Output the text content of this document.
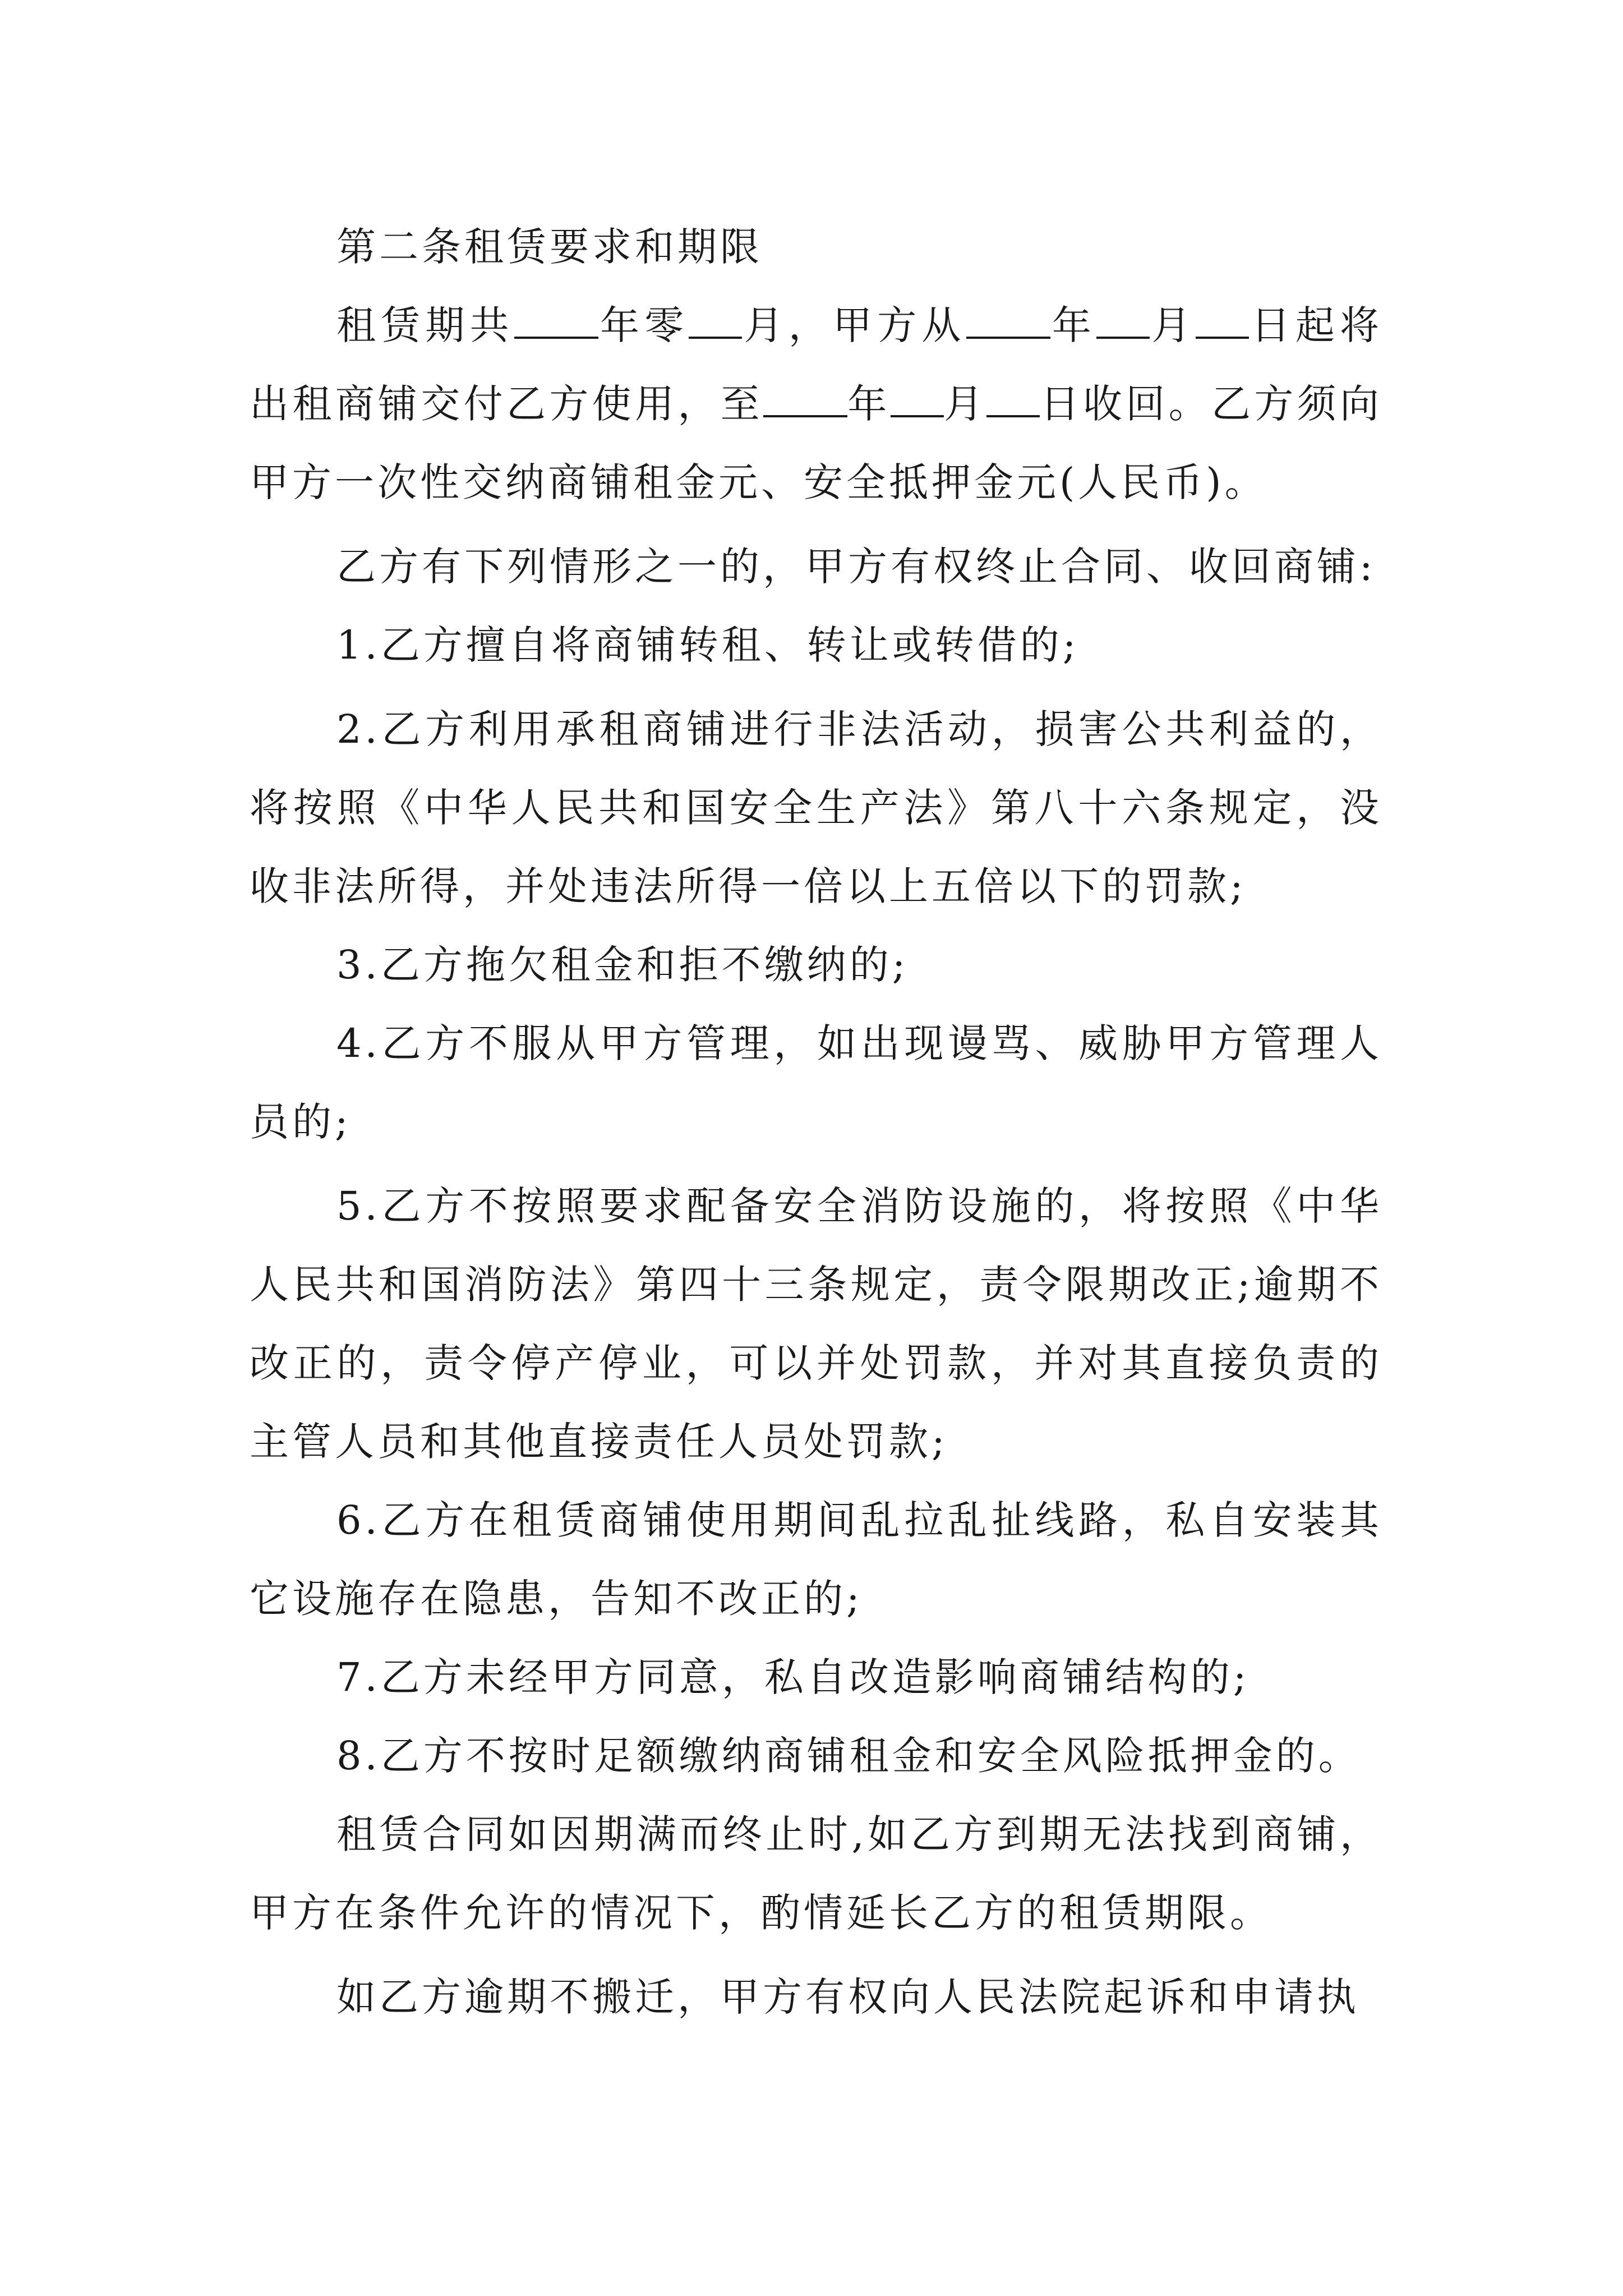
第二条租赁要求和期限

租赁期共 年零 月，甲方从 年 月 日起将出租商铺交付乙方使用，至 年 月 日收回。乙方须向甲方一次性交纳商铺租金元、安全抵押金元(人民币)。

乙方有下列情形之一的，甲方有权终止合同、收回商铺:

1.乙方擅自将商铺转租、转让或转借的;

2.乙方利用承租商铺进行非法活动，损害公共利益的，将按照《中华人民共和国安全生产法》第八十六条规定，没收非法所得，并处违法所得一倍以上五倍以下的罚款;

3.乙方拖欠租金和拒不缴纳的;

4.乙方不服从甲方管理，如出现谩骂、威胁甲方管理人员的;

5.乙方不按照要求配备安全消防设施的，将按照《中华人民共和国消防法》第四十三条规定，责令限期改正;逾期不改正的，责令停产停业，可以并处罚款，并对其直接负责的主管人员和其他直接责任人员处罚款;

6.乙方在租赁商铺使用期间乱拉乱扯线路，私自安装其它设施存在隐患，告知不改正的;

7.乙方未经甲方同意，私自改造影响商铺结构的;

8.乙方不按时足额缴纳商铺租金和安全风险抵押金的。

租赁合同如因期满而终止时,如乙方到期无法找到商铺，甲方在条件允许的情况下，酌情延长乙方的租赁期限。

如乙方逾期不搬迁，甲方有权向人民法院起诉和申请执
